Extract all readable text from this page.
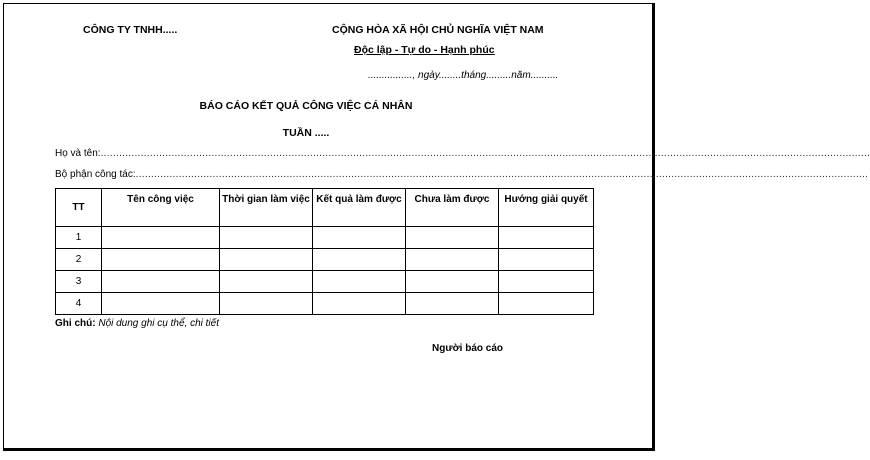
CÔNG TY TNHH.....	CỘNG HÒA XÃ HỘI CHỦ NGHĨA VIỆT NAM
Độc lập - Tự do - Hạnh phúc
................, ngày........tháng.........năm..........
BÁO CÁO KẾT QUẢ CÔNG VIỆC CÁ NHÂN
TUẦN .....
Họ và tên: ..........................................................................................................................................................................................................................................................
Bộ phận công tác: ..............................................................................................................................................................................................................................................
TT	Tên công việc	Thời gian làm việc	Kết quả làm được	Chưa làm được	Hướng giải quyết
1					
2					
3					
4					
Ghi chú: Nội dung ghi cụ thể, chi tiết
Người báo cáo
